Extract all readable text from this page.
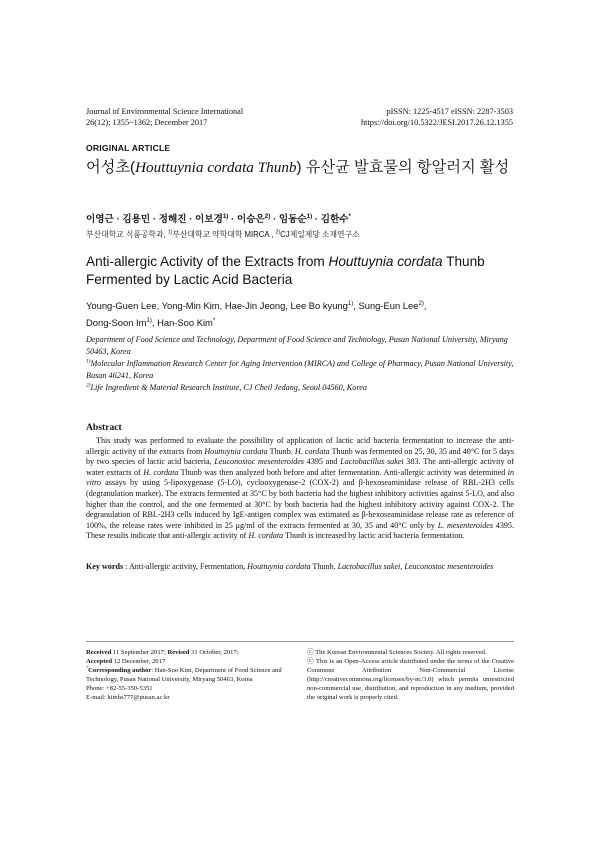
Journal of Environmental Science International
26(12); 1355~1362; December 2017
pISSN: 1225-4517 eISSN: 2287-3503
https://doi.org/10.5322/JESI.2017.26.12.1355
ORIGINAL ARTICLE
어성초(Houttuynia cordata Thunb) 유산균 발효물의 항알러지 활성
이영근 · 김용민 · 정해진 · 이보경$^{1)}$ · 이승은$^{2)}$ · 임동순$^{1)}$ · 김한수*
부산대학교 식품공학과, $^{1)}$부산대학교 약학대학 MIRCA , $^{2)}$CJ제일제당 소재연구소
Anti-allergic Activity of the Extracts from Houttuynia cordata Thunb Fermented by Lactic Acid Bacteria
Young-Guen Lee, Yong-Min Kim, Hae-Jin Jeong, Lee Bo kyung$^{1)}$, Sung-Eun Lee$^{2)}$,
Dong-Soon Im$^{1)}$, Han-Soo Kim*
Department of Food Science and Technology, Department of Food Science and Technology, Pusan National University, Miryang 50463, Korea
$^{1)}$Molecular Inflammation Research Center for Aging Intervention (MIRCA) and College of Pharmacy, Pusan National University, Busan 46241, Korea
$^{2)}$Life Ingredient & Material Research Institute, CJ Cheil Jedang, Seoul 04560, Korea
Abstract
This study was performed to evaluate the possibility of application of lactic acid bacteria fermentation to increase the anti-allergic activity of the extracts from Houttuynia cordata Thunb. H. cordata Thunb was fermented on 25, 30, 35 and 40°C for 5 days by two species of lactic acid bacteria, Leuconostoc mesenteroides 4395 and Lactobacillus sakei 383. The anti-allergic activity of water extracts of H. cordata Thunb was then analyzed both before and after fermentation. Anti-allergic activity was determined in vitro assays by using 5-lipoxygenase (5-LO), cyclooxygenase-2 (COX-2) and β-hexoseaminidase release of RBL-2H3 cells (degranulation marker). The extracts fermented at 35°C by both bacteria had the highest inhibitory activities against 5-LO, and also higher than the control, and the one fermented at 30°C by both bacteria had the highest inhibitory activity against COX-2. The degranulation of RBL-2H3 cells induced by IgE-antigen complex was estimated as β-hexoseaminidase release rate as reference of 100%, the release rates were inhibited in 25 μg/ml of the extracts fermented at 30, 35 and 40°C only by L. mesenteroides 4395. These results indicate that anti-allergic activity of H. cordata Thunb is increased by lactic acid bacteria fermentation.
Key words : Anti-allergic activity, Fermentation, Houttuynia cordata Thunb, Lactobacillus sakei, Leuconostoc mesenteroides
Received 11 September 2017; Revised 31 October, 2017;
Accepted 12 December, 2017
*Corresponding author: Han-Soo Kim, Department of Food Science and Technology, Pusan National University, Miryang 50463, Korea
Phone: +82-55-350-5351
E-mail: kimhs777@pusan.ac.kr
ⓒ The Korean Environmental Sciences Society. All rights reserved.
ⓒ This is an Open-Access article distributed under the terms of the Creative Commons Attribution Non-Commercial License (http://creativecommons.org/licenses/by-nc/3.0) which permits unrestricted non-commercial use, distribution, and reproduction in any medium, provided the original work is properly cited.
